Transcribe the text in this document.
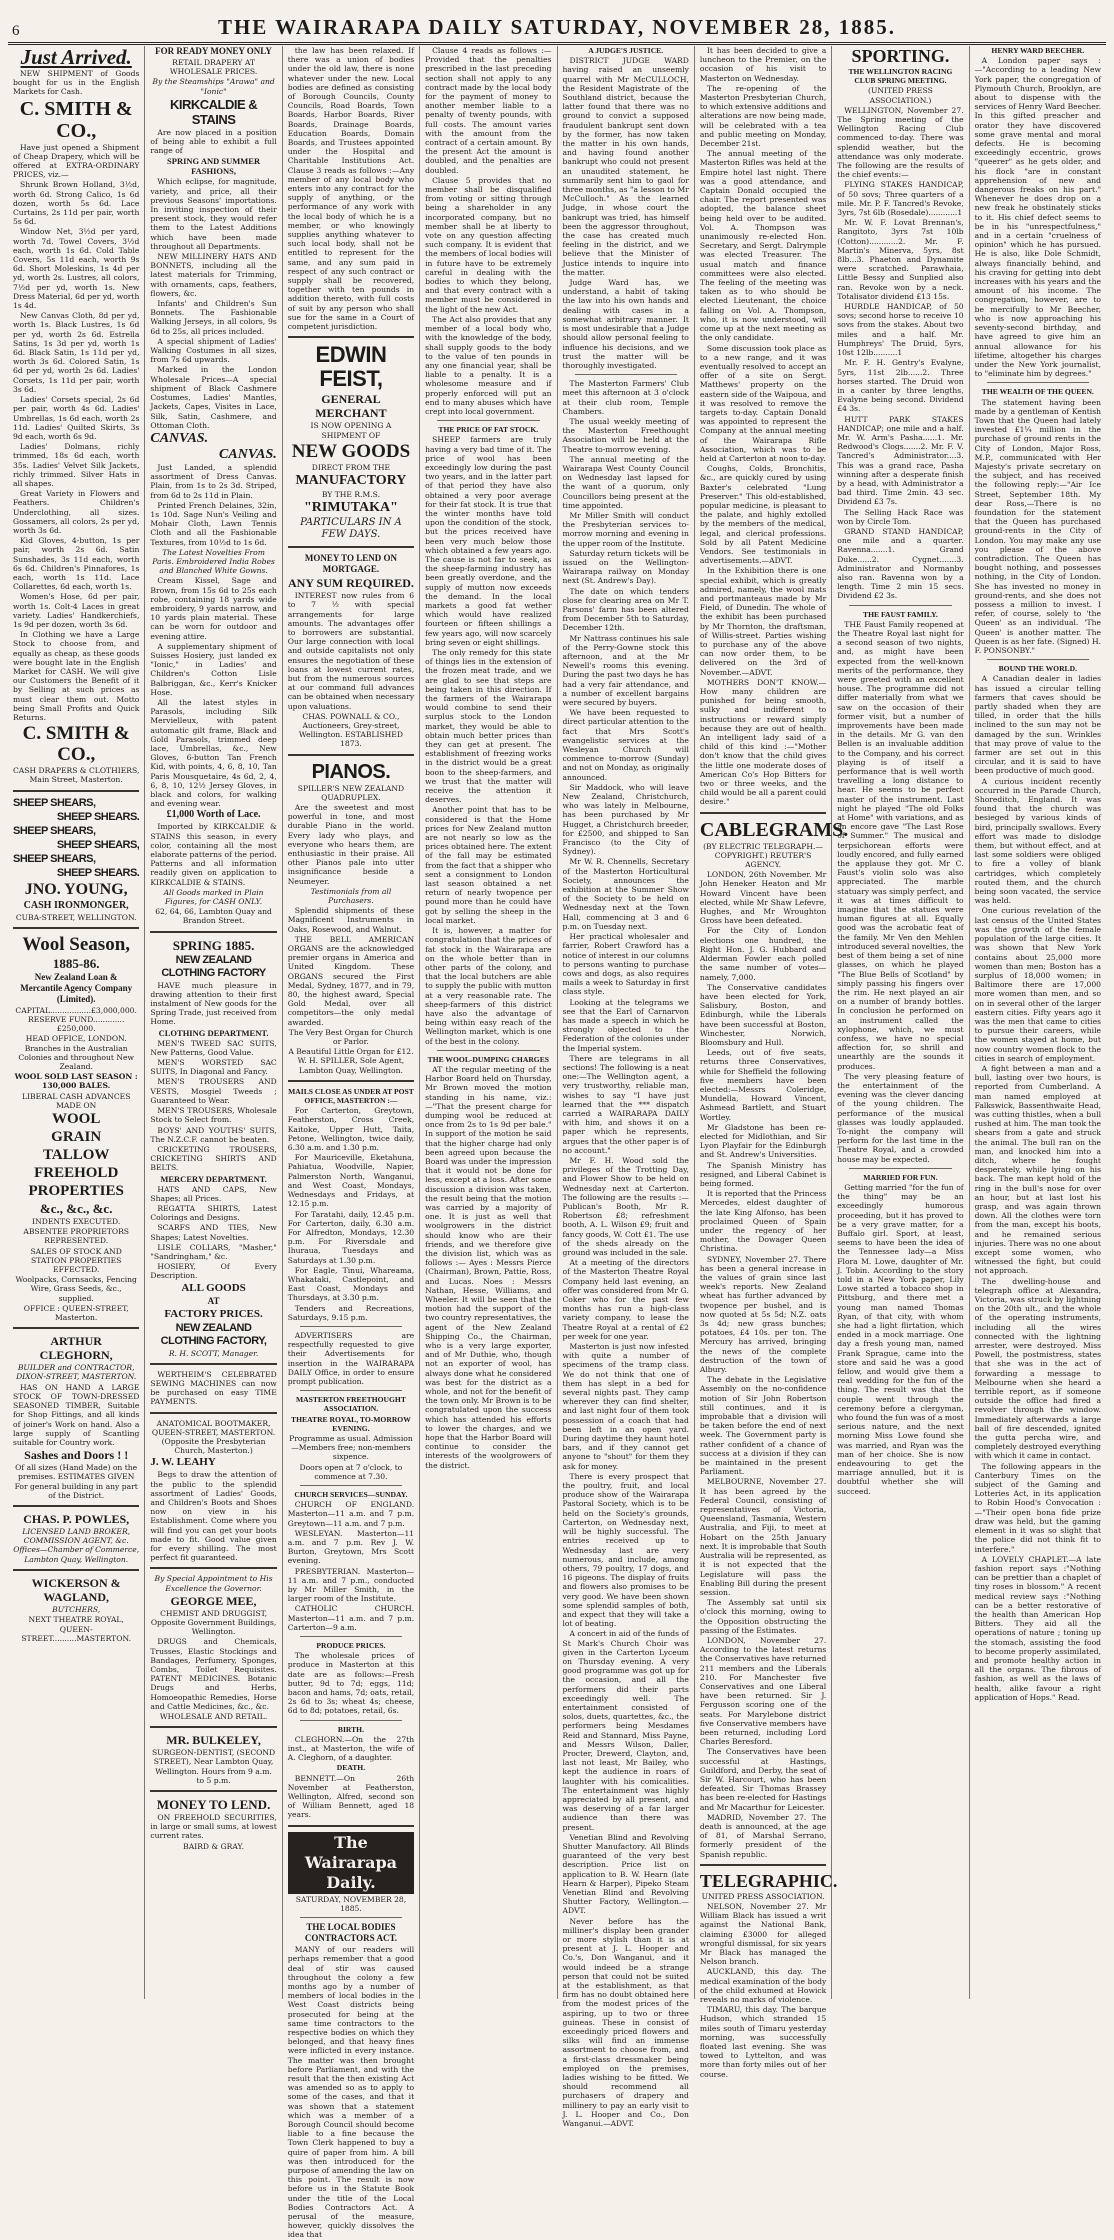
6	THE WAIRARAPA DAILY SATURDAY, NOVEMBER 28, 1885.

Just Arrived.

NEW SHIPMENT of Goods bought for us in the English Markets for Cash.

C. SMITH & CO.,

Have just opened a Shipment of Cheap Drapery, which will be offered at EXTRA-ORDINARY PRICES, viz.—

Shrunk Brown Holland, 3½d, worth 6d. Strong Calico, 1s 6d dozen, worth 5s 6d. Lace Curtains, 2s 11d per pair, worth 5s 6d.

Window Net, 3½d per yard, worth 7d. Towel Covers, 3½d each, worth 1s 6d. Cold Table Covers, 5s 11d each, worth 9s 6d. Short Moleskins, 1s 4d per yd, worth 2s. Lustres, all colors, 7½d per yd, worth 1s. New Dress Material, 6d per yd, worth 1s 4d.

New Canvas Cloth, 8d per yd, worth 1s. Black Lustres, 1s 6d per yd, worth 2s 6d. Estrella Satins, 1s 3d per yd, worth 1s 6d. Black Satin, 1s 11d per yd, worth 3s 6d. Colored Satin, 1s 6d per yd, worth 2s 6d. Ladies' Corsets, 1s 11d per pair, worth 3s 6d.

Ladies' Corsets special, 2s 6d per pair, worth 4s 6d. Ladies' Umbrellas, 1s 6d each, worth 2s 11d. Ladies' Quilted Skirts, 3s 9d each, worth 6s 9d.

Ladies' Dolmans, richly trimmed, 18s 6d each, worth 35s. Ladies' Velvet Silk Jackets, richly trimmed. Silver Hats in all shapes.

Great Variety in Flowers and Feathers. Children's Underclothing, all sizes. Gossamers, all colors, 2s per yd, worth 3s 6d.

Kid Gloves, 4-button, 1s per pair, worth 2s 6d. Satin Sunshades, 3s 11d each, worth 6s 6d. Children's Pinnafores, 1s each, worth 1s 11d. Lace Collarettes, 6d each, worth 1s.

Women's Hose, 6d per pair, worth 1s. Colt-4 Laces in great variety. Ladies' Handkerchiefs, 1s 9d per dozen, worth 3s 6d.

In Clothing we have a Large Stock to choose from, and equally as cheap, as these goods were bought late in the English Market for CASH. We will give our Customers the Benefit of it by Selling at such prices as must clear them out. Motto being Small Profits and Quick Returns.

C. SMITH & CO.,

CASH DRAPERS & CLOTHIERS, Main Street, Masterton.

SHEEP SHEARS,

SHEEP SHEARS.

SHEEP SHEARS,

SHEEP SHEARS,

SHEEP SHEARS,

SHEEP SHEARS.

JNO. YOUNG,

CASH IRONMONGER,

CUBA-STREET, WELLINGTON.

Wool Season,

1885-86.

New Zealand Loan & Mercantile Agency Company (Limited).

CAPITAL.................£3,000,000. RESERVE FUND.............£250,000.

HEAD OFFICE, LONDON. Branches in the Australian Colonies and throughout New Zealand.

WOOL SOLD LAST SEASON : 130,000 BALES.

LIBERAL CASH ADVANCES MADE ON

WOOL

GRAIN

TALLOW

FREEHOLD

PROPERTIES

&c., &c., &c.

INDENTS EXECUTED.

ABSENTEE PROPRIETORS REPRESENTED.

SALES OF STOCK AND STATION PROPERTIES EFFECTED.

Woolpacks, Cornsacks, Fencing Wire, Grass Seeds, &c., supplied.

OFFICE : QUEEN-STREET, Masterton.

ARTHUR CLEGHORN,

BUILDER and CONTRACTOR, DIXON-STREET, MASTERTON.

HAS ON HAND A LARGE STOCK OF TOWN-DRESSED SEASONED TIMBER, Suitable for Shop Fittings, and all kinds of joiner's Work on hand. Also a large supply of Scantling suitable for Country work.

Sashes and Doors ! !

Of all sizes (Hand Made) on the premises. ESTIMATES GIVEN For general building in any part of the District.

CHAS. P. POWLES,

LICENSED LAND BROKER, COMMISSION AGENT, &c. Offices—Chamber of Commerce, Lambton Quay, Wellington.

WICKERSON & WAGLAND,

BUTCHERS,

NEXT THEATRE ROYAL,

QUEEN-STREET..........MASTERTON.

FOR READY MONEY ONLY

RETAIL DRAPERY AT WHOLESALE PRICES.

By the Steamships "Arawa" and "Ionic"

KIRKCALDIE & STAINS

Are now placed in a position of being able to exhibit a full range of

SPRING AND SUMMER FASHIONS,

Which eclipse, for magnitude, variety, and price, all their previous Seasons' importations. In inviting inspection of their present stock, they would refer them to the Latest Additions which have been made throughout all Departments.

NEW MILLINERY HATS AND BONNETS, including all the latest materials for Trimming, with ornaments, caps, feathers, flowers, &c.

Infants' and Children's Sun Bonnets. The Fashionable Walking Jerseys, in all colors, 9s 6d to 25s, all prices included.

A special shipment of Ladies' Walking Costumes in all sizes, from 7s 6d upwards.

Marked in the London Wholesale Prices—A special shipment of Black Cashmere Costumes, Ladies' Mantles, Jackets, Capes, Visites in Lace, Silk, Satin, Cashmere, and Ottoman Cloth.

CANVAS.

CANVAS.

Just Landed, a splendid assortment of Dress Canvas. Plain, from 1s to 2s 3d. Striped, from 6d to 2s 11d in Plain.

Printed French Delaines, 32in, 1s 10d. Sage Nun's Veiling and Mohair Cloth, Lawn Tennis Cloth and all the Fashionable Textures, from 10½d to 1s 6d.

The Latest Novelties From Paris. Embroidered India Robes and Blanched White Gowns.

Cream Kissel, Sage and Brown, from 15s 6d to 25s each robe, containing 18 yards wide embroidery, 9 yards narrow, and 10 yards plain material. These can be worn for outdoor and evening attire.

A supplementary shipment of Suisses Hosiery, just landed ex "Ionic," in Ladies' and Children's Cotton Lisle Balbriggan, &c., Kerr's Knicker Hose.

All the latest styles in Parasols, including Silk Mervielleux, with patent automatic gilt frame, Black and Gold Parasols, trimmed deep lace, Umbrellas, &c., New Gloves, 6-button Tan French Kid, with points, 4, 6, 8, 10, Tan Paris Mousquetaire, 4s 6d, 2, 4, 6, 8, 10, 12½ Jersey Gloves, in black and colors, for walking and evening wear.

£1,000 Worth of Lace.

Imported by KIRKCALDIE & STAINS this season, in every color, containing all the most elaborate patterns of the period. Patterns and all information readily given on application to KIRKCALDIE & STAINS.

All Goods marked in Plain Figures, for CASH ONLY.

62, 64, 66, Lambton Quay and Brandon Street.

SPRING 1885.

NEW ZEALAND CLOTHING FACTORY

HAVE much pleasure in drawing attention to their first instalment of New goods for the Spring Trade, just received from Home.

CLOTHING DEPARTMENT.

MEN'S TWEED SAC SUITS, New Patterns, Good Value.

MEN'S WORSTED SAC SUITS, In Diagonal and Fancy.

MEN'S TROUSERS AND VESTS, Mosgiel Tweeds ; Guaranteed to Wear.

MEN'S TROUSERS, Wholesale Stock to Select from.

BOYS' AND YOUTHS' SUITS, The N.Z.C.F. cannot be beaten.

CRICKETING TROUSERS, CRICKETING SHIRTS AND BELTS.

MERCERY DEPARTMENT.

HATS AND CAPS, New Shapes; all Prices.

REGATTA SHIRTS, Latest Colorings and Designs.

SCARFS AND TIES, New Shapes; Latest Novelties.

LISLE COLLARS, "Masher," "Sandringham," &c.

HOSIERY, Of Every Description.

ALL GOODS

AT

FACTORY PRICES.

NEW ZEALAND CLOTHING FACTORY,

R. H. SCOTT, Manager.

WERTHEIM'S CELEBRATED SEWING MACHINES can now be purchased on easy TIME PAYMENTS.

ANATOMICAL BOOTMAKER, QUEEN-STREET, MASTERTON. (Opposite the Presbyterian Church, Masterton.)

J. W. LEAHY

Begs to draw the attention of the public to the splendid assortment of Ladies' Goods, and Children's Boots and Shoes now on view in his Establishment. Come where you will find you can get your boots made to fit. Good value given for every shilling. The most perfect fit guaranteed.

By Special Appointment to His Excellence the Governor.

GEORGE MEE,

CHEMIST AND DRUGGIST, Opposite Government Buildings, Wellington.

DRUGS and Chemicals, Trusses, Elastic Stockings and Bandages, Perfumery, Sponges, Combs, Toilet Requisites. PATENT MEDICINES. Botanic Drugs and Herbs, Homoeopathic Remedies, Horse and Cattle Medicines, &c., &c.

WHOLESALE AND RETAIL.

MR. BULKELEY,

SURGEON-DENTIST, (SECOND STREET), Near Lambton Quay, Wellington. Hours from 9 a.m. to 5 p.m.

MONEY TO LEND.

ON FREEHOLD SECURITIES, in large or small sums, at lowest current rates.

BAIRD & GRAY.

the law has been relaxed. If there was a union of bodies under the old law, there is none whatever under the new. Local bodies are defined as consisting of Borough Councils, County Councils, Road Boards, Town Boards, Harbor Boards, River Boards, Drainage Boards, Education Boards, Domain Boards, and Trustees appointed under the Hospital and Charitable Institutions Act. Clause 3 reads as follows :—Any member of any local body who enters into any contract for the supply of anything, or the performance of any work with the local body of which he is a member, or who knowingly supplies anything whatever to such local body, shall not be entitled to represent for the same, and any sum paid in respect of any such contract or supply shall be recovered, together with ten pounds in addition thereto, with full costs of suit by any person who shall sue for the same in a Court of competent jurisdiction.

EDWIN FEIST,

GENERAL MERCHANT

IS NOW OPENING A SHIPMENT OF

NEW GOODS

DIRECT FROM THE

MANUFACTORY

BY THE R.M.S.

"RIMUTAKA"

PARTICULARS IN A FEW DAYS.

MONEY TO LEND ON MORTGAGE.

ANY SUM REQUIRED.

INTEREST now rules from 6 to 7 ½ with special arrangements for large amounts. The advantages offer to borrowers are substantial. Our large connection with local and outside capitalists not only ensures the negotiation of these loans at lowest current rates, but from the numerous sources at our command full advances can be obtained when necessary upon valuations.

CHAS. POWNALL & CO., Auctioneers, Grey-street, Wellington. ESTABLISHED 1873.

PIANOS.

SPILLER'S NEW ZEALAND QUADRUPLEX.

Are the sweetest and most powerful in tone, and most durable Piano in the world. Every lady who plays, and everyone who hears them, are enthusiastic in their praise. All other Pianos pale into utter insignificance beside a Neumeyer.

Testimonials from all Purchasers.

Splendid shipments of these Magnificent Instruments in Oaks, Rosewood, and Walnut.

THE BELL AMERICAN ORGANS are the acknowledged premier organs in America and United Kingdom. These ORGANS secured the First Medal, Sydney, 1877, and in 79, 80, the highest award, Special Gold Medal, over all competitors—the only medal awarded.

The Very Best Organ for Church or Parlor.

A Beautiful Little Organ for £12. W. H. SPILLER, Sole Agent, Lambton Quay, Wellington.

MAILS CLOSE AS UNDER AT POST OFFICE, MASTERTON :—

For Carterton, Greytown, Featherston, Cross Creek, Kaitoke, Upper Hutt, Taita, Petone, Wellington, twice daily, 6.30 a.m. and 1.30 p.m.

For Mauriceville, Eketahuna, Pahiatua, Woodville, Napier, Palmerston North, Wanganui, and West Coast, Mondays, Wednesdays and Fridays, at 12.15 p.m.

For Taratahi, daily, 12.45 p.m. For Carterton, daily, 6.30 a.m. For Alfredton, Mondays, 12.30 p.m. For Riversdale and Ihuraua, Tuesdays and Saturdays at 1.30 p.m.

For Eagle, Tinui, Whareama, Whakataki, Castlepoint, and East Coast, Mondays and Thursdays, at 3.30 p.m.

Tenders and Recreations, Saturdays, 9.15 p.m.

ADVERTISERS are respectfully requested to give their Advertisements for insertion in the WAIRARAPA DAILY Office, in order to ensure prompt publication.

MASTERTON FREETHOUGHT ASSOCIATION.

THEATRE ROYAL, TO-MORROW EVENING.

Programme as usual. Admission—Members free; non-members sixpence.

Doors open at 7 o'clock, to commence at 7.30.

CHURCH SERVICES—SUNDAY.

CHURCH OF ENGLAND. Masterton—11 a.m. and 7 p.m. Greytown—11 a.m. and 7 p.m.

WESLEYAN. Masterton—11 a.m. and 7 p.m. Rev J. W. Burton, Greytown, Mrs Scott evening.

PRESBYTERIAN. Masterton—11 a.m. and 7 p.m., conducted by Mr Miller Smith, in the larger room of the Institute.

CATHOLIC CHURCH. Masterton—11 a.m. and 7 p.m. Carterton—9 a.m.

PRODUCE PRICES.

The wholesale prices of produce in Masterton at this date are as follows:—Fresh butter, 9d to 7d; eggs, 11d; bacon and hams, 7d; oats, retail, 2s 6d to 3s; wheat 4s; cheese, 6d to 8d; potatoes, retail, 6s.

BIRTH.

CLEGHORN.—On the 27th inst., at Masterton, the wife of A. Cleghorn, of a daughter.

DEATH.

BENNETT.—On 26th November at Featherston, Wellington, Alfred, second son of William Bennett, aged 18 years.

The Wairarapa Daily.

SATURDAY, NOVEMBER 28, 1885.

THE LOCAL BODIES CONTRACTORS ACT.

MANY of our readers will perhaps remember that a good deal of stir was caused throughout the colony a few months ago by a number of members of local bodies in the West Coast districts being prosecuted for being at the same time contractors to the respective bodies on which they belonged, and that heavy fines were inflicted in every instance. The matter was then brought before Parliament, and with the result that the then existing Act was amended so as to apply to some of the cases, and that it was shown that a statement which was a member of a Borough Council should become liable to a fine because the Town Clerk happened to buy a quire of paper from him. A bill was then introduced for the purpose of amending the law on this point. The result is now before us in the Statute Book under the title of the Local Bodies Contractors Act. A perusal of the measure, however, quickly dissolves the idea that

Clause 4 reads as follows :—Provided that the penalties prescribed in the last preceding section shall not apply to any contract made by the local body for the payment of money to another member liable to a penalty of twenty pounds, with full costs. The amount varies with the amount from the contract of a certain amount. By the present Act the amount is doubled, and the penalties are doubled.

Clause 5 provides that no member shall be disqualified from voting or sitting through being a shareholder in any incorporated company, but no member shall be at liberty to vote on any question affecting such company. It is evident that the members of local bodies will in future have to be extremely careful in dealing with the bodies to which they belong, and that every contract with a member must be considered in the light of the new Act.

The Act also provides that any member of a local body who, with the knowledge of the body, shall supply goods to the body to the value of ten pounds in any one financial year, shall be liable to a penalty. It is a wholesome measure and if properly enforced will put an end to many abuses which have crept into local government.

THE PRICE OF FAT STOCK.

SHEEP farmers are truly having a very bad time of it. The price of wool has been exceedingly low during the past two years, and in the latter part of that period they have also obtained a very poor average for their fat stock. It is true that the winter months have told upon the condition of the stock, but the prices received have been very much below those which obtained a few years ago. The cause is not far to seek, as the sheep-farming industry has been greatly overdone, and the supply of mutton now exceeds the demand. In the local markets a good fat wether which would have realized fourteen or fifteen shillings a few years ago, will now scarcely bring seven or eight shillings.

The only remedy for this state of things lies in the extension of the frozen meat trade, and we are glad to see that steps are being taken in this direction. If the farmers of the Wairarapa would combine to send their surplus stock to the London market, they would be able to obtain much better prices than they can get at present. The establishment of freezing works in the district would be a great boon to the sheep-farmers, and we trust that the matter will receive the attention it deserves.

Another point that has to be considered is that the Home prices for New Zealand mutton are not nearly so low as the prices obtained here. The extent of the fall may be estimated from the fact that a shipper who sent a consignment to London last season obtained a net return of nearly twopence per pound more than he could have got by selling the sheep in the local market.

It is, however, a matter for congratulation that the prices of fat stock in the Wairarapa are on the whole better than in other parts of the colony, and that the local butchers are able to supply the public with mutton at a very reasonable rate. The sheep-farmers of this district have also the advantage of being within easy reach of the Wellington market, which is one of the best in the colony.

THE WOOL-DUMPING CHARGES

AT the regular meeting of the Harbor Board held on Thursday, Mr Brown moved the motion standing in his name, viz.:—"That the present charge for dumping wool be reduced at once from 2s to 1s 9d per bale." In support of the motion he said that the higher charge had only been agreed upon because the Board was under the impression that it would not be done for less, except at a loss. After some discussion a division was taken, the result being that the motion was carried by a majority of one. It is just as well that woolgrowers in the district should know who are their friends, and we therefore give the division list, which was as follows :— Ayes : Messrs Pierce (Chairman), Brown, Pattie, Ross, and Lucas. Noes : Messrs Nathan, Hesse, Williams, and Wheeler. It will be seen that the motion had the support of the two country representatives, the agent of the New Zealand Shipping Co., the Chairman, who is a very large exporter, and of Mr Duthie, who, though not an exporter of wool, has always done what he considered was best for the district as a whole, and not for the benefit of the town only. Mr Brown is to be congratulated upon the success which has attended his efforts to lower the charges, and we hope that the Harbor Board will continue to consider the interests of the woolgrowers of the district.

A JUDGE'S JUSTICE.

DISTRICT JUDGE WARD having raised an unseemly quarrel with Mr McCULLOCH, the Resident Magistrate of the Southland district, because the latter found that there was no ground to convict a supposed fraudulent bankrupt sent down by the former, has now taken the matter in his own hands, and having found another bankrupt who could not present an unaudited statement, he summarily sent him to gaol for three months, as "a lesson to Mr McCulloch." As the learned Judge, in whose court the bankrupt was tried, has himself been the aggressor throughout, the case has created much feeling in the district, and we believe that the Minister of Justice intends to inquire into the matter.

Judge Ward has, we understand, a habit of taking the law into his own hands and dealing with cases in a somewhat arbitrary manner. It is most undesirable that a Judge should allow personal feeling to influence his decisions, and we trust the matter will be thoroughly investigated.

The Masterton Farmers' Club meet this afternoon at 3 o'clock at their club room, Temple Chambers.

The usual weekly meeting of the Masterton Freethought Association will be held at the Theatre to-morrow evening.

The annual meeting of the Wairarapa West County Council on Wednesday last lapsed for the want of a quorum, only Councillors being present at the time appointed.

Mr Miller Smith will conduct the Presbyterian services to-morrow morning and evening in the upper room of the Institute.

Saturday return tickets will be issued on the Wellington-Wairarapa railway on Monday next (St. Andrew's Day).

The date on which tenders close for clearing area on Mr T. Parsons' farm has been altered from December 5th to Saturday, December 12th.

Mr Nattrass continues his sale of the Perry-Gowne stock this afternoon, and at the Mr Newell's rooms this evening. During the past two days he has had a very fair attendance, and a number of excellent bargains were secured by buyers.

We have been requested to direct particular attention to the fact that Mrs Scott's evangelistic services at the Wesleyan Church will commence to-morrow (Sunday) and not on Monday, as originally announced.

Sir Maddock, who will leave New Zealand, Christchurch, who was lately in Melbourne, has been purchased by Mr Hugget, a Christchurch breeder, for £2500, and shipped to San Francisco (to the City of Sydney).

Mr W. R. Chennells, Secretary of the Masterton Horticultural Society, announces the exhibition at the Summer Show of the Society to be held on Wednesday next at the Town Hall, commencing at 3 and 6 p.m. on Tuesday next.

Her practical wholesaler and farrier, Robert Crawford has a notice of interest in our columns to persons wanting to purchase cows and dogs, as also requires mails a week to Saturday in first class style.

Looking at the telegrams we see that the Earl of Carnarvon has made a speech in which he strongly objected to the Federation of the colonies under the Imperial system.

There are telegrams in all sections! The following is a neat one:—The Wellington agent, a very trustworthy, reliable man, wishes to say "I have just learned that the *** dispatch carried a WAIRARAPA DAILY with him, and shows it on a paper which he represents, argues that the other paper is of no account."

Mr F. H. Wood sold the privileges of the Trotting Day, and Flower Show to be held on Wednesday next at Carterton. The following are the results :—Publican's Booth, Mr R. Robertson £8; refreshment booth, A. L. Wilson £9; fruit and fancy goods, W. Cott £1. The use of the sheds already on the ground was included in the sale.

At a meeting of the directors of the Masterton Theatre Royal Company held last evening, an offer was considered from Mr G. Coker who for the past few months has run a high-class variety company, to lease the Theatre Royal at a rental of £2 per week for one year.

Masterton is just now infested with quite a number of specimens of the tramp class. We do not think that one of them has slept in a bed for several nights past. They camp wherever they can find shelter, and last night four of them took possession of a coach that had been left in an open yard. During daytime they haunt hotel bars, and if they cannot get anyone to "shout" for them they ask for money.

There is every prospect that the poultry, fruit, and local produce show of the Wairarapa Pastoral Society, which is to be held on the Society's grounds, Carterton, on Wednesday next, will be highly successful. The entries received up to Wednesday last are very numerous, and include, among others, 79 poultry, 17 dogs, and 16 pigeons. The display of fruits and flowers also promises to be very good. We have been shown some splendid samples of both, and expect that they will take a lot of beating.

A concert in aid of the funds of St Mark's Church Choir was given in the Carterton Lyceum on Thursday evening. A very good programme was got up for the occasion, and all the performers did their parts exceedingly well. The entertainment consisted of solos, duets, quartettes, &c., the performers being Mesdames Reid and Stannard, Miss Payne, and Messrs Wilson, Daller, Procter, Drewerd, Clayton, and, last not least, Mr Bailey, who kept the audience in roars of laughter with his comicalities. The entertainment was highly appreciated by all present, and was deserving of a far larger audience than there was present.

Venetian Blind and Revolving Shutter Manufactory. All Blinds guaranteed of the very best description. Price list on application to B. W. Hearn (late Hearn & Harper), Pipeko Steam Venetian Blind and Revolving Shutter Factory, Wellington.—ADVT.

Never before has the milliner's display been grander or more stylish than it is at present at J. L. Hooper and Co.'s, Don Wanganui, and it would indeed be a strange person that could not be suited at the establishment, as that firm has no doubt obtained here from the modest prices of the aspiring, up to two or three guineas. These in consist of exceedingly priced flowers and silks will find an immense assortment to choose from, and a first-class dressmaker being employed on the premises, ladies wishing to be fitted. We should recommend all purchasers of drapery and millinery to pay an early visit to J. L. Hooper and Co., Don Wanganui.—ADVT.

It has been decided to give a luncheon to the Premier, on the occasion of his visit to Masterton on Wednesday.

The re-opening of the Masterton Presbyterian Church, to which extensive additions and alterations are now being made, will be celebrated with a tea and public meeting on Monday, December 21st.

The annual meeting of the Masterton Rifles was held at the Empire hotel last night. There was a good attendance, and Captain Donald occupied the chair. The report presented was adopted, the balance sheet being held over to be audited. Vol. A. Thompson was unanimously re-elected Hon. Secretary, and Sergt. Dalrymple was elected Treasurer. The usual match and finance committees were also elected. The feeling of the meeting was taken as to who should be elected Lieutenant, the choice falling on Vol. A. Thompson, who, it is now understood, will come up at the next meeting as the only candidate.

Some discussion took place as to a new range, and it was eventually resolved to accept an offer of a site on Sergt. Matthews' property on the eastern side of the Waipoua, and it was resolved to remove the targets to-day. Captain Donald was appointed to represent the Company at the annual meeting of the Wairarapa Rifle Association, which was to be held at Carterton at noon to-day.

Coughs, Colds, Bronchitis, &c., are quickly cured by using Baxter's celebrated "Lung Preserver." This old-established, popular medicine, is pleasant to the palate, and highly extolled by the members of the medical, legal, and clerical professions. Sold by all Patent Medicine Vendors. See testimonials in advertisements.—ADVT.

In the Exhibition there is one special exhibit, which is greatly admired, namely, the wool mats and portmanteaus made by Mr Field, of Dunedin. The whole of the exhibit has been purchased by Mr Thornton, the draftsman, of Willis-street. Parties wishing to purchase any of the above can now order them, to be delivered on the 3rd of November.—ADVT.

MOTHERS DON'T KNOW.—How many children are punished for being smooth, sulky and indifferent to instructions or reward simply because they are out of health. An intelligent lady said of a child of this kind :—"Mother don't know that the child gives the little one moderate doses of American Co's Hop Bitters for two or three weeks, and the child would be all a parent could desire."

CABLEGRAMS.

(BY ELECTRIC TELEGRAPH.—COPYRIGHT.) REUTER'S AGENCY.

LONDON, 26th November. Mr John Heneker Heaton and Mr Howard Vincent have been elected, while Mr Shaw Lefevre, Hughes, and Mr Wroughton Gross have been defeated.

For the City of London elections one hundred, the Right Hon. J. G. Hubbard and Alderman Fowler each polled the same number of votes—namely, 7,000.

The Conservative candidates have been elected for York, Salisbury, Boston, and Edinburgh, while the Liberals have been successful at Boston, Winchester, Norwich, Bloomsbury and Hull.

Leeds, out of five seats, returns three Conservatives, while for Sheffield the following five members have been elected:—Messrs Coleridge, Mundella, Howard Vincent, Ashmead Bartlett, and Stuart Wortley.

Mr Gladstone has been re-elected for Midlothian, and Sir Lyon Playfair for the Edinburgh and St. Andrew's Universities.

The Spanish Ministry has resigned, and Liberal Cabinet is being formed.

It is reported that the Princess Mercedes, eldest daughter of the late King Alfonso, has been proclaimed Queen of Spain under the regency of her mother, the Dowager Queen Christina.

SYDNEY, November 27. There has been a general increase in the values of grain since last week's reports. New Zealand wheat has further advanced by twopence per bushel, and is now quoted at 5s 5d; N.Z. oats 3s 4d; new grass bunches; potatoes, £4 10s. per ton. The Mercury has arrived, bringing the news of the complete destruction of the town of Albury.

The debate in the Legislative Assembly on the no-confidence motion of Sir John Robertson still continues, and it is improbable that a division will be taken before the end of next week. The Government party is rather confident of a chance of success at a division if they can be maintained in the present Parliament.

MELBOURNE, November 27. It has been agreed by the Federal Council, consisting of representatives of Victoria, Queensland, Tasmania, Western Australia, and Fiji, to meet at Hobart on the 25th January next. It is improbable that South Australia will be represented, as it is not expected that the Legislature will pass the Enabling Bill during the present session.

The Assembly sat until six o'clock this morning, owing to the Opposition obstructing the passing of the Estimates.

LONDON, November 27. According to the latest returns the Conservatives have returned 211 members and the Liberals 210. For Manchester five Conservatives and one Liberal have been returned. Sir J. Fergusson scoring one of the seats. For Marylebone district five Conservative members have been returned, including Lord Charles Beresford.

The Conservatives have been successful at Hastings, Guildford, and Derby, the seat of Sir W. Harcourt, who has been defeated. Sir Thomas Brassey has been re-elected for Hastings and Mr Macarthur for Leicester.

MADRID, November 27. The death is announced, at the age of 81, of Marshal Serrano, formerly president of the Spanish republic.

TELEGRAPHIC.

UNITED PRESS ASSOCIATION.

NELSON, November 27. Mr William Black has issued a writ against the National Bank, claiming £3000 for alleged wrongful dismissal, for six years Mr Black has managed the Nelson branch.

AUCKLAND, this day. The medical examination of the body of the child exhumed at Howick reveals no marks of violence.

TIMARU, this day. The barque Hudson, which stranded 15 miles south of Timaru yesterday morning, was successfully floated last evening. She was towed to Lyttelton, and was more than forty miles out of her course.

SPORTING.

THE WELLINGTON RACING CLUB SPRING MEETING.

(UNITED PRESS ASSOCIATION.)

WELLINGTON, November 27. The Spring meeting of the Wellington Racing Club commenced to-day. There was splendid weather, but the attendance was only moderate. The following are the results of the chief events:—

FLYING STAKES HANDICAP, of 50 sovs; Three quarters of a mile. Mr. P. F. Tancred's Revoke, 3yrs, 7st 6lb (Rosedale)............1

Mr. W. F. Lovat Brennan's, Rangitoto, 3yrs 7st 10lb (Cotton)............2. Mr. F. Martin's Minerva, 5yrs, 8st 8lb...3. Phaeton and Dynamite were scratched. Parawhaia, Little Bessy and Sunplied also ran. Revoke won by a neck. Totalisator dividend £13 15s.

HURDLE HANDICAP, of 50 sovs; second horse to receive 10 sovs from the stakes. About two miles and a half. Mr. Humphreys' The Druid, 5yrs, 10st 12lb..........1

Mr. F. H. Gentry's Evalyne, 5yrs, 11st 2lb......2. Three horses started. The Druid won in a canter by three lengths, Evalyne being second. Dividend £4 3s.

HUTT PARK STAKES HANDICAP; one mile and a half. Mr. W. Arm's Pasha......1. Mr. Redwood's Clogs.......2. Mr. F. V. Tancred's Administrator....3. This was a grand race, Pasha winning after a desperate finish by a head, with Administrator a bad third. Time 2min. 43 sec. Dividend £3 7s.

The Selling Hack Race was won by Circle Tom.

GRAND STAND HANDICAP, one mile and a quarter. Ravenna.......1. Grand Duke......2. Cygnet.......3. Administrator and Normanby also ran. Ravenna won by a length. Time 2 min 15 secs. Dividend £2 3s.

THE FAUST FAMILY.

THE Faust Family reopened at the Theatre Royal last night for a second season of two nights, and, as might have been expected from the well-known merits of the performance, they were greeted with an excellent house. The programme did not differ materially from what we saw on the occasion of their former visit, but a number of improvements have been made in the details. Mr G. van den Bellen is an invaluable addition to the Company, and his correct playing is of itself a performance that is well worth travelling a long distance to hear. He seems to be perfect master of the instrument. Last night he played "The old Folks at Home" with variations, and as an encore gave "The Last Rose of Summer." The musical and terpsichorean efforts were loudly encored, and fully earned the applause they got. Mr C. Faust's violin solo was also appreciated. The marble statuary was simply perfect, and it was at times difficult to imagine that the statues were human figures at all. Equally good was the acrobatic feat of the family. Mr Ven den Mehlen introduced several novelties, the best of them being a set of nine glasses, on which he played "The Blue Bells of Scotland" by simply passing his fingers over the rim. He next played an air on a number of brandy bottles. In conclusion he performed on an instrument called the xylophone, which, we must confess, we have no special affection for, so shrill and unearthly are the sounds it produces.

The very pleasing feature of the entertainment of the evening was the clever dancing of the young children. The performance of the musical glasses was loudly applauded. To-night the company will perform for the last time in the Theatre Royal, and a crowded house may be expected.

MARRIED FOR FUN.

Getting married "for the fun of the thing" may be an exceedingly humorous proceeding, but it has proved to be a very grave matter, for a Buffalo girl. Sport, at least, seems to have been the idea of the Tennessee lady—a Miss Flora M. Lowe, daughter of Mr. J. Tobin. According to the story told in a New York paper, Lily Lowe started a tobacco shop in Pittsburg, and there met a young man named Thomas Ryan, of that city, with whom she had a light flirtation, which ended in a mock marriage. One day a fresh young man, named Frank Sprague, came into the store and said he was a good fellow, and would give them a real wedding for the fun of the thing. The result was that the couple went through the ceremony before a clergyman, who found the fun was of a most serious nature, and the next morning Miss Lowe found she was married, and Ryan was the man of her choice. She is now endeavouring to get the marriage annulled, but it is doubtful whether she will succeed.

HENRY WARD BEECHER.

A London paper says :—"According to a leading New York paper, the congregation of Plymouth Church, Brooklyn, are about to dispense with the services of Henry Ward Beecher. In this gifted preacher and orator they have discovered some grave mental and moral defects. He is becoming exceedingly eccentric, grows "queerer" as he gets older, and his flock "are in constant apprehension of new and dangerous freaks on his part." Whenever he does drop on a new freak he obstinately sticks to it. His chief defect seems to be in his "unrespectfulness," and in a certain "cruelness of opinion" which he has pursued. He is also, like Dole Schmidt, always financially behind, and his craving for getting into debt increases with his years and the amount of his income. The congregation, however, are to be mercifully to Mr Beecher, who is now approaching his seventy-second birthday, and have agreed to give him an annual allowance for his lifetime, altogether his charges under the New York journalist, to "eliminate him by degrees."

THE WEALTH OF THE QUEEN.

The statement having been made by a gentleman of Kentish Town that the Queen had lately invested £1¼ million in the purchase of ground rents in the City of London, Major Ross, M.P., communicated with Her Majesty's private secretary on the subject, and has received the following reply:—"Air Ice Street, September 18th. My dear Ross,—There is no foundation for the statement that the Queen has purchased ground-rents in the City of London. You may make any use you please of the above contradiction. The Queen has bought nothing, and possesses nothing, in the City of London. She has invested no money in ground-rents, and she does not possess a million to invest. I refer, of course, solely to 'the Queen' as an individual. 'The Queen' is another matter. The Queen is as her fate. (Signed) H. F. PONSONBY."

BOUND THE WORLD.

A Canadian dealer in ladies has issued a circular telling farmers that caves should be partly shaded when they are tilled, in order that the hills inclined to the sun may not be damaged by the sun. Wrinkles that may prove of value to the farmer are set out in this circular, and it is said to have been productive of much good.

A curious incident recently occurred in the Parade Church, Shoreditch, England. It was found that the church was besieged by various kinds of bird, principally swallows. Every effort was made to dislodge them, but without effect, and at last some soldiers were obliged to fire a volley of blank cartridges, which completely routed them, and the church being soon vacated, the service was held.

One curious revelation of the last census of the United States was the growth of the female population of the large cities. It was shown that New York contains about 25,000 more women than men; Boston has a surplus of 18,000 women; in Baltimore there are 17,000 more women than men, and so on in several other of the larger eastern cities. Fifty years ago it was the men that came to cities to pursue their careers, while the women stayed at home, but now country women flock to the cities in search of employment.

A fight between a man and a bull, lasting over two hours, is reported from Cumberland. A man named employed at Falkswick, Bassenthwaite Head, was cutting thistles, when a bull rushed at him. The man took the shears from a gate and struck the animal. The bull ran on the man, and knocked him into a ditch, where he fought desperately, while lying on his back. The man kept hold of the ring in the bull's nose for over an hour, but at last lost his grasp, and was again thrown down. All the clothes were torn from the man, except his boots, and he remained serious injuries. There was no one about except some women, who witnessed the fight, but could not approach.

The dwelling-house and telegraph office at Alexandra, Victoria, was struck by lightning on the 20th ult., and the whole of the operating instruments, including all the wires connected with the lightning arrester, were destroyed. Miss Powell, the postmistress, states that she was in the act of forwarding a message to Melbourne when she heard a terrible report, as if someone outside the office had fired a revolver through the window. Immediately afterwards a large ball of fire descended, ignited the gutta percha wire, and completely destroyed everything with which it came in contact.

The following appears in the Canterbury Times on the subject of the Gaming and Lotteries Act, in its application to Robin Hood's Convocation :—"Their open bona fide prize draw was held, but the gaming element in it was so slight that the police did not think fit to interfere."

A LOVELY CHAPLET.—A late fashion report says :"Nothing can be prettier than a chaplet of tiny roses in blossom." A recent medical review says :"Nothing can be a better restorative of the health than American Hop Bitters. They aid all the operations of nature ; toning up the stomach, assisting the food to become properly assimilated, and promote healthy action in all the organs. The fibrous of fashion, as well as the laws of health, alike favour a right application of Hops." Read.
